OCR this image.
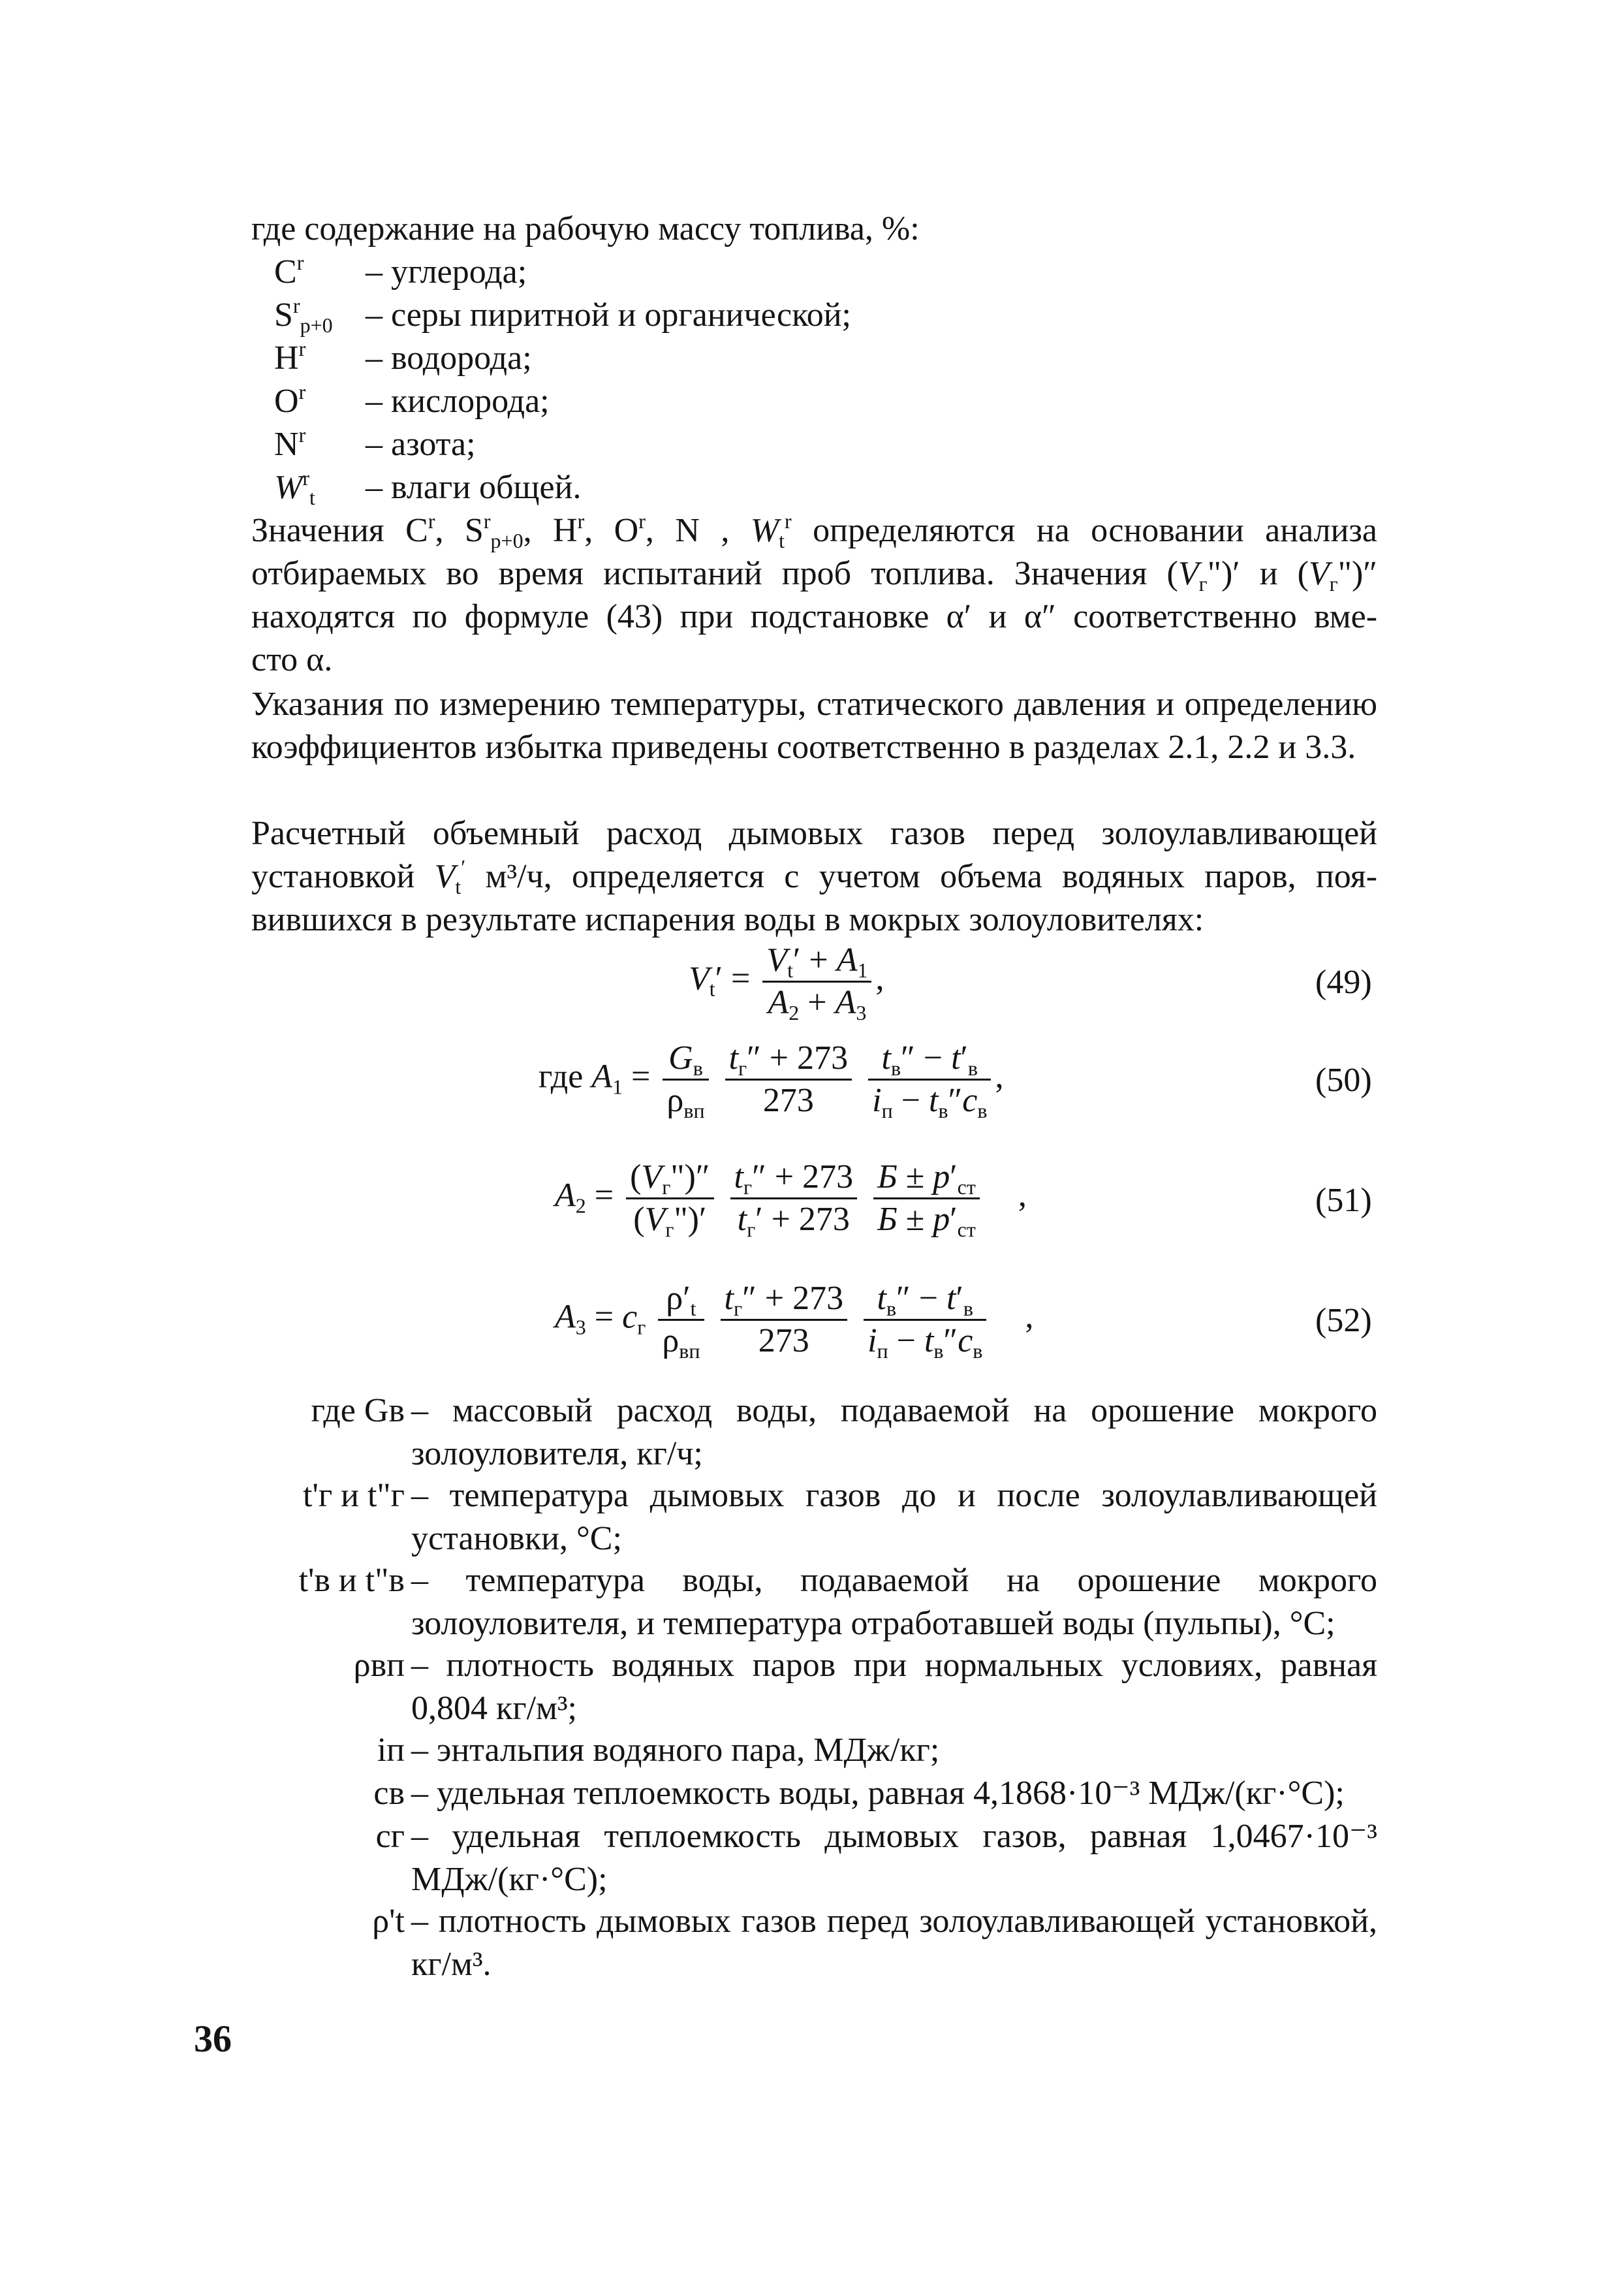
где содержание на рабочую массу топлива, %:
$C^r$ – углерода;
$S^r_{p+0}$ – серы пиритной и органической;
$H^r$ – водорода;
$O^r$ – кислорода;
$N^r$ – азота;
$W^r_t$ – влаги общей.
Значения $C^r$, $S^r_{p+0}$, $H^r$, $O^r$, N , $W_t^r$ определяются на основании анализа
отбираемых во время испытаний проб топлива. Значения $(V_г")'$ и $(V_г")''$
находятся по формуле (43) при подстановке α′ и α″ соответственно вме-
сто α.
Указания по измерению температуры, статического давления и определению коэффициентов избытка приведены соответственно в разделах 2.1, 2.2 и 3.3.
Расчетный объемный расход дымовых газов перед золоулавливающей
установкой $V_t'$ м³/ч, определяется с учетом объема водяных паров, поя-
вившихся в результате испарения воды в мокрых золоуловителях:
$V_t' = \frac{V_t' + A_1}{A_2 + A_3}$ ,	(49)
где $A_1 = \frac{G_в}{\rho_{вп}}$
$\frac{t_г'' + 273}{273}$
$\frac{t_в'' - t'_в}{i_п - t_в''c_в}$ ,	(50)
$A_2 = \frac{(V_г")''}{(V_г")'}$
$\frac{t_г'' + 273}{t_г' + 273}$
$\frac{Б \pm p'_{ст}}{Б \pm p'_{ст}}$ ,	(51)
$A_3 = c_г \frac{\rho'_t}{\rho_{вп}}$
$\frac{t_г'' + 273}{273}$
$\frac{t_в'' - t'_в}{i_п - t_в''c_в}$ ,	(52)
где Gв – массовый расход воды, подаваемой на орошение мокрого золоуловителя, кг/ч;
t'г и t"г – температура дымовых газов до и после золоулавливающей установки, °С;
t'в и t"в – температура воды, подаваемой на орошение мокрого золоуловителя, и температура отработавшей воды (пульпы), °С;
ρвп – плотность водяных паров при нормальных условиях, равная 0,804 кг/м³;
iп – энтальпия водяного пара, МДж/кг;
cв – удельная теплоемкость воды, равная 4,1868·10⁻³ МДж/(кг·°С);
cг – удельная теплоемкость дымовых газов, равная 1,0467·10⁻³ МДж/(кг·°С);
ρ't – плотность дымовых газов перед золоулавливающей установкой, кг/м³.
36
